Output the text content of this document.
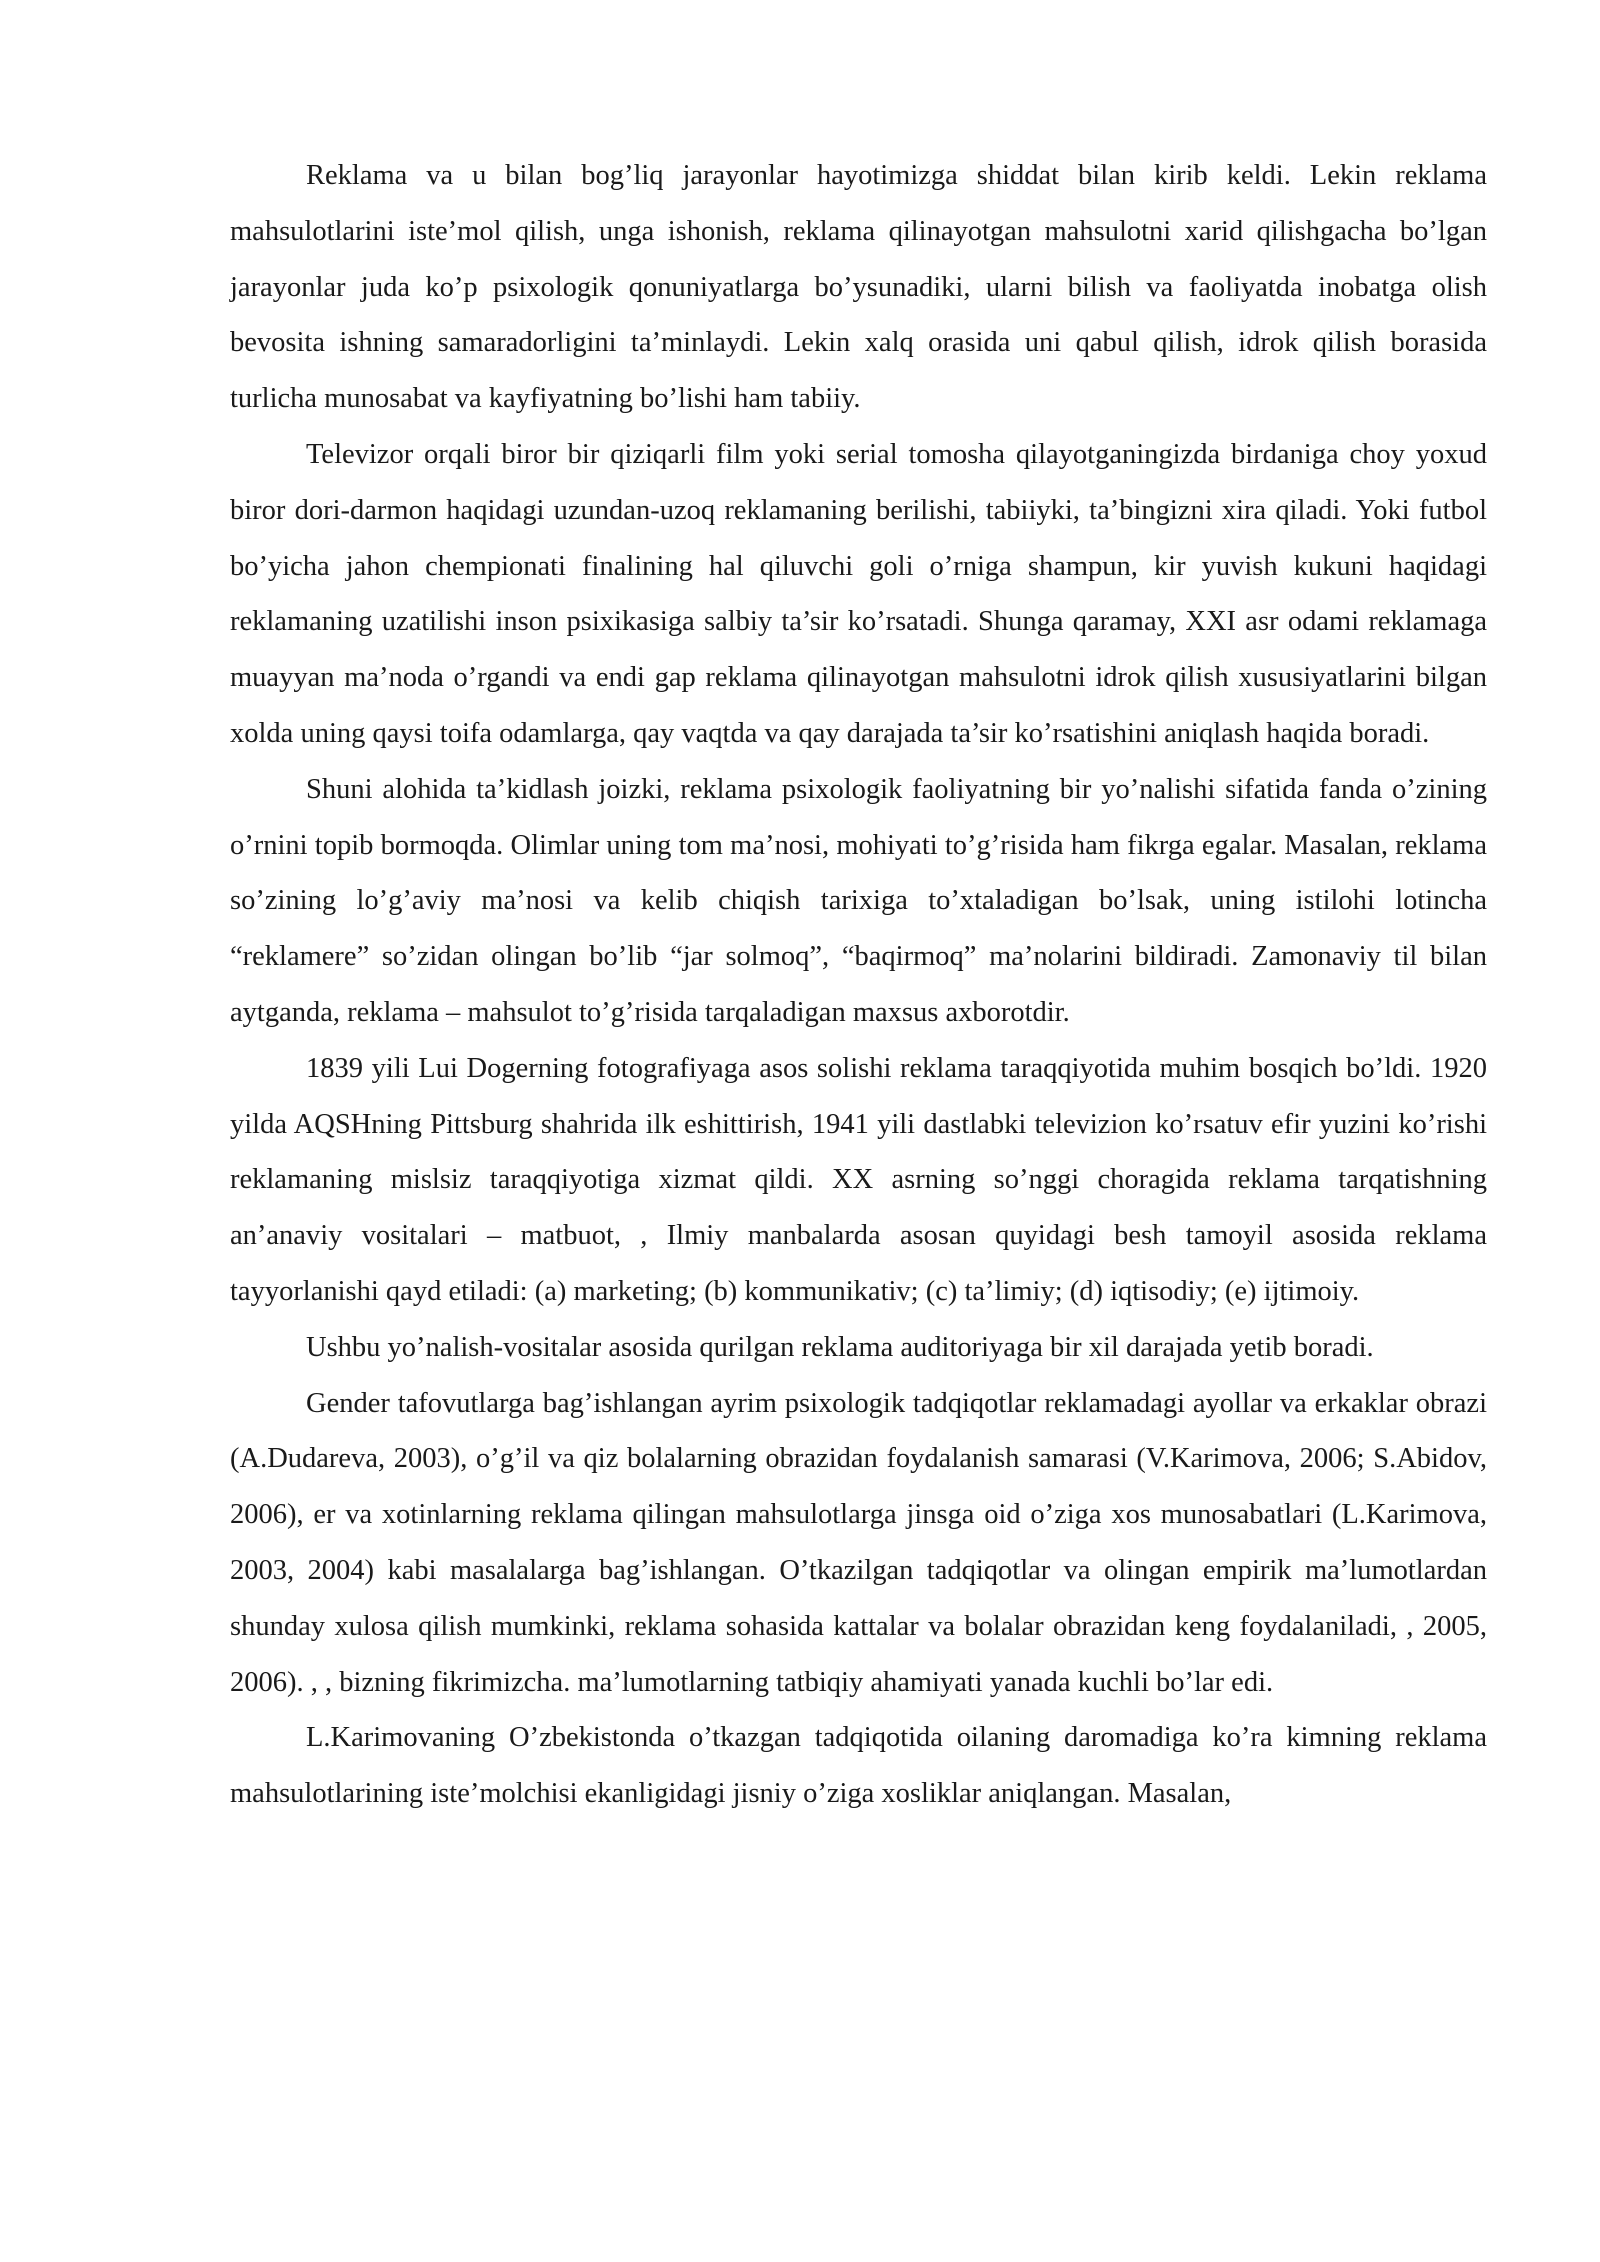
Reklama va u bilan bog’liq jarayonlar hayotimizga shiddat bilan kirib keldi. Lekin reklama mahsulotlarini iste’mol qilish, unga ishonish, reklama qilinayotgan mahsulotni xarid qilishgacha bo’lgan jarayonlar juda ko’p psixologik qonuniyatlarga bo’ysunadiki, ularni bilish va faoliyatda inobatga olish bevosita ishning samaradorligini ta’minlaydi. Lekin xalq orasida uni qabul qilish, idrok qilish borasida turlicha munosabat va kayfiyatning bo’lishi ham tabiiy.

Televizor orqali biror bir qiziqarli film yoki serial tomosha qilayotganingizda birdaniga choy yoxud biror dori-darmon haqidagi uzundan-uzoq reklamaning berilishi, tabiiyki, ta’bingizni xira qiladi. Yoki futbol bo’yicha jahon chempionati finalining hal qiluvchi goli o’rniga shampun, kir yuvish kukuni haqidagi reklamaning uzatilishi inson psixikasiga salbiy ta’sir ko’rsatadi. Shunga qaramay, XXI asr odami reklamaga muayyan ma’noda o’rgandi va endi gap reklama qilinayotgan mahsulotni idrok qilish xususiyatlarini bilgan xolda uning qaysi toifa odamlarga, qay vaqtda va qay darajada ta’sir ko’rsatishini aniqlash haqida boradi.

Shuni alohida ta’kidlash joizki, reklama psixologik faoliyatning bir yo’nalishi sifatida fanda o’zining o’rnini topib bormoqda. Olimlar uning tom ma’nosi, mohiyati to’g’risida ham fikrga egalar. Masalan, reklama so’zining lo’g’aviy ma’nosi va kelib chiqish tarixiga to’xtaladigan bo’lsak, uning istilohi lotincha “reklamere” so’zidan olingan bo’lib “jar solmoq”, “baqirmoq” ma’nolarini bildiradi. Zamonaviy til bilan aytganda, reklama – mahsulot to’g’risida tarqaladigan maxsus axborotdir.

1839 yili Lui Dogerning fotografiyaga asos solishi reklama taraqqiyotida muhim bosqich bo’ldi. 1920 yilda AQSHning Pittsburg shahrida ilk eshittirish, 1941 yili dastlabki televizion ko’rsatuv efir yuzini ko’rishi reklamaning mislsiz taraqqiyotiga xizmat qildi. XX asrning so’nggi choragida reklama tarqatishning an’anaviy vositalari – matbuot, , Ilmiy manbalarda asosan quyidagi besh tamoyil asosida reklama tayyorlanishi qayd etiladi: (a) marketing; (b) kommunikativ; (c) ta’limiy; (d) iqtisodiy; (e) ijtimoiy.

Ushbu yo’nalish-vositalar asosida qurilgan reklama auditoriyaga bir xil darajada yetib boradi.

Gender tafovutlarga bag’ishlangan ayrim psixologik tadqiqotlar reklamadagi ayollar va erkaklar obrazi (A.Dudareva, 2003), o’g’il va qiz bolalarning obrazidan foydalanish samarasi (V.Karimova, 2006; S.Abidov, 2006), er va xotinlarning reklama qilingan mahsulotlarga jinsga oid o’ziga xos munosabatlari (L.Karimova, 2003, 2004) kabi masalalarga bag’ishlangan. O’tkazilgan tadqiqotlar va olingan empirik ma’lumotlardan shunday xulosa qilish mumkinki, reklama sohasida kattalar va bolalar obrazidan keng foydalaniladi, , 2005, 2006). , , bizning fikrimizcha. ma’lumotlarning tatbiqiy ahamiyati yanada kuchli bo’lar edi.

L.Karimovaning O’zbekistonda o’tkazgan tadqiqotida oilaning daromadiga ko’ra kimning reklama mahsulotlarining iste’molchisi ekanligidagi jisniy o’ziga xosliklar aniqlangan. Masalan,
